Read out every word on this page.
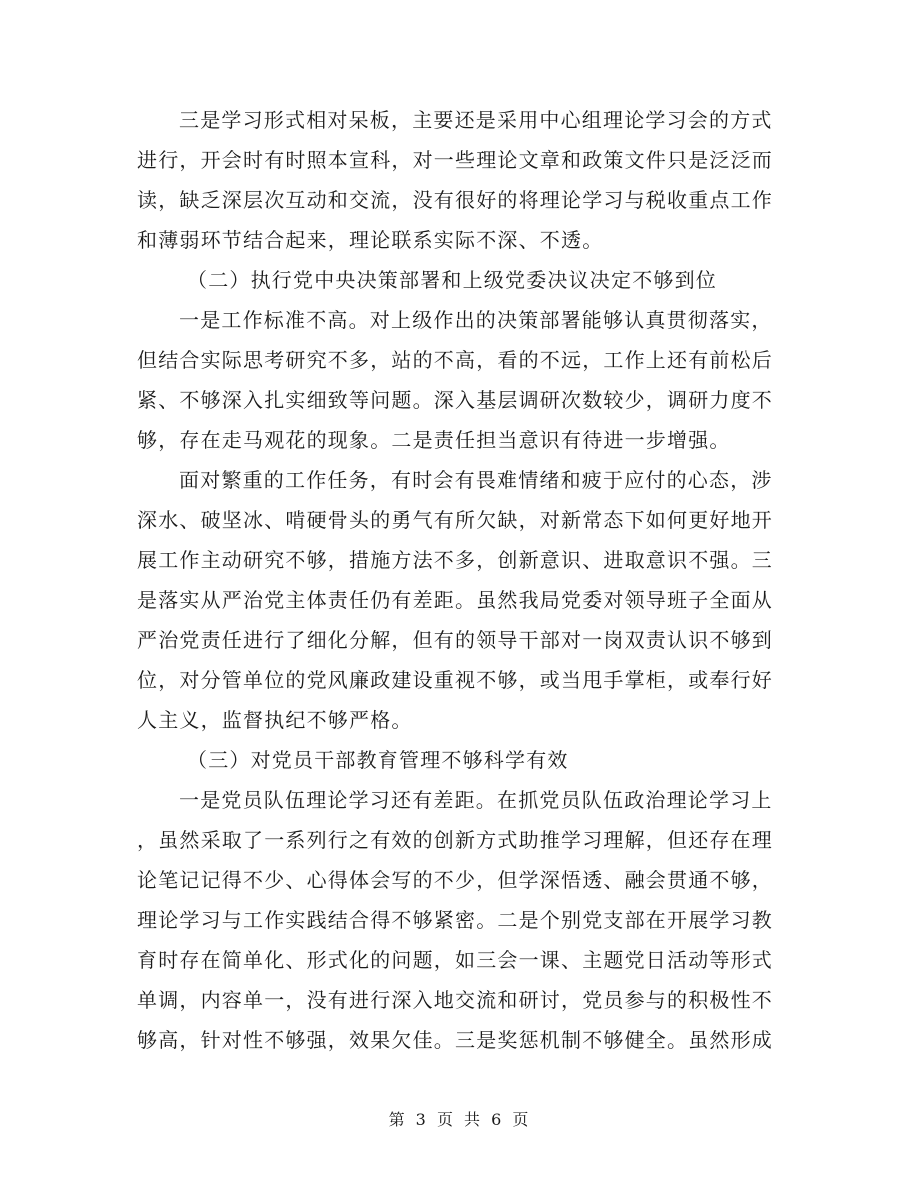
三是学习形式相对呆板，主要还是采用中心组理论学习会的方式
进行，开会时有时照本宣科，对一些理论文章和政策文件只是泛泛而
读，缺乏深层次互动和交流，没有很好的将理论学习与税收重点工作
和薄弱环节结合起来，理论联系实际不深、不透。
（二）执行党中央决策部署和上级党委决议决定不够到位
一是工作标准不高。对上级作出的决策部署能够认真贯彻落实，
但结合实际思考研究不多，站的不高，看的不远，工作上还有前松后
紧、不够深入扎实细致等问题。深入基层调研次数较少，调研力度不
够，存在走马观花的现象。二是责任担当意识有待进一步增强。
面对繁重的工作任务，有时会有畏难情绪和疲于应付的心态，涉
深水、破坚冰、啃硬骨头的勇气有所欠缺，对新常态下如何更好地开
展工作主动研究不够，措施方法不多，创新意识、进取意识不强。三
是落实从严治党主体责任仍有差距。虽然我局党委对领导班子全面从
严治党责任进行了细化分解，但有的领导干部对一岗双责认识不够到
位，对分管单位的党风廉政建设重视不够，或当甩手掌柜，或奉行好
人主义，监督执纪不够严格。
（三）对党员干部教育管理不够科学有效
一是党员队伍理论学习还有差距。在抓党员队伍政治理论学习上
，虽然采取了一系列行之有效的创新方式助推学习理解，但还存在理
论笔记记得不少、心得体会写的不少，但学深悟透、融会贯通不够，
理论学习与工作实践结合得不够紧密。二是个别党支部在开展学习教
育时存在简单化、形式化的问题，如三会一课、主题党日活动等形式
单调，内容单一，没有进行深入地交流和研讨，党员参与的积极性不
够高，针对性不够强，效果欠佳。三是奖惩机制不够健全。虽然形成
第 3 页 共 6 页
